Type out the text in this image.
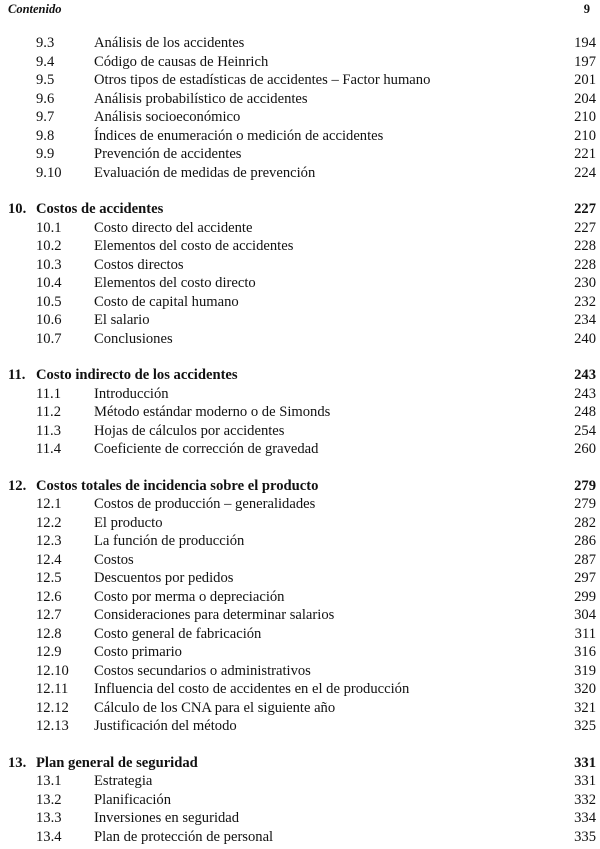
Contenido	9
9.3	Análisis de los accidentes	194
9.4	Código de causas de Heinrich	197
9.5	Otros tipos de estadísticas de accidentes – Factor humano	201
9.6	Análisis probabilístico de accidentes	204
9.7	Análisis socioeconómico	210
9.8	Índices de enumeración o medición de accidentes	210
9.9	Prevención de accidentes	221
9.10	Evaluación de medidas de prevención	224
10. Costos de accidentes	227
10.1	Costo directo del accidente	227
10.2	Elementos del costo de accidentes	228
10.3	Costos directos	228
10.4	Elementos del costo directo	230
10.5	Costo de capital humano	232
10.6	El salario	234
10.7	Conclusiones	240
11. Costo indirecto de los accidentes	243
11.1	Introducción	243
11.2	Método estándar moderno o de Simonds	248
11.3	Hojas de cálculos por accidentes	254
11.4	Coeficiente de corrección de gravedad	260
12. Costos totales de incidencia sobre el producto	279
12.1	Costos de producción – generalidades	279
12.2	El producto	282
12.3	La función de producción	286
12.4	Costos	287
12.5	Descuentos por pedidos	297
12.6	Costo por merma o depreciación	299
12.7	Consideraciones para determinar salarios	304
12.8	Costo general de fabricación	311
12.9	Costo primario	316
12.10	Costos secundarios o administrativos	319
12.11	Influencia del costo de accidentes en el de producción	320
12.12	Cálculo de los CNA para el siguiente año	321
12.13	Justificación del método	325
13. Plan general de seguridad	331
13.1	Estrategia	331
13.2	Planificación	332
13.3	Inversiones en seguridad	334
13.4	Plan de protección de personal	335
